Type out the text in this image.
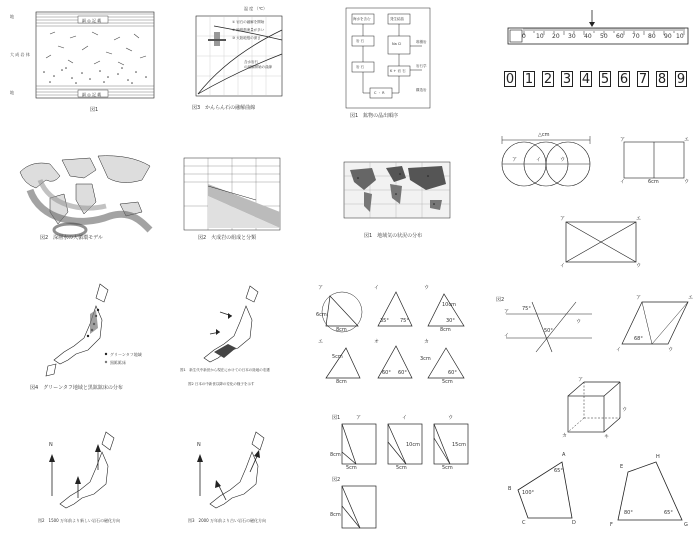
細 ◎ 記 載
細 ◎ 記 載
地
大 成 岩 体
地
図1
温 度 （℃）
① 岩石の融解を開始
② 地殻熱流量が多い
③ 大陸地殻の深さ
含水岩石
の融解開始の曲線
図3　かんらん石の融解曲線
海水を含む
岩 石
発生結晶
Na Cl
岩 石
K + 岩 石
C ・ R
堆積岩
岩石学
構造岩
図1　鉱物の晶出順序
0 10 20 30 40 50 60 70 80 90 10
0 1 2 3 4 5 6 7 8 9
図2　深層水の大循環モデル	図2　火成岩の組成と分類	図1　地域気の状況の分布
△cm
ア	イ	ウ
ア
イ	ウ
エ
6cm
ア
イ	ウ
エ
グリーンタフ地域
黒鉱鉱床
図4　グリーンタフ地域と黒鉱鉱床の分布
図1　新生代中新世から現在にかけての日本の陸地の変遷
図2 日本の中新世以降の変化の様子を示す
ア	イ	ウ
エ	オ	カ
6cm
8cm
10cm
8cm
5cm
8cm
3cm
5cm
35° 75°	30°
60° 60°	60°
図2
ア
イ
ウ
75°
50°
ア
イ	ウ
エ
68°
ア
ウ
カ	キ
N
図2　1500 万年前より新しい岩石の磁化方向
N
図3　2000 万年前より古い岩石の磁化方向
図1
図2
ア	イ	ウ
8cm
5cm
10cm
5cm
15cm
5cm
8cm
A
B
C	D
100°
65°
E
H
F	G
80°	65°
